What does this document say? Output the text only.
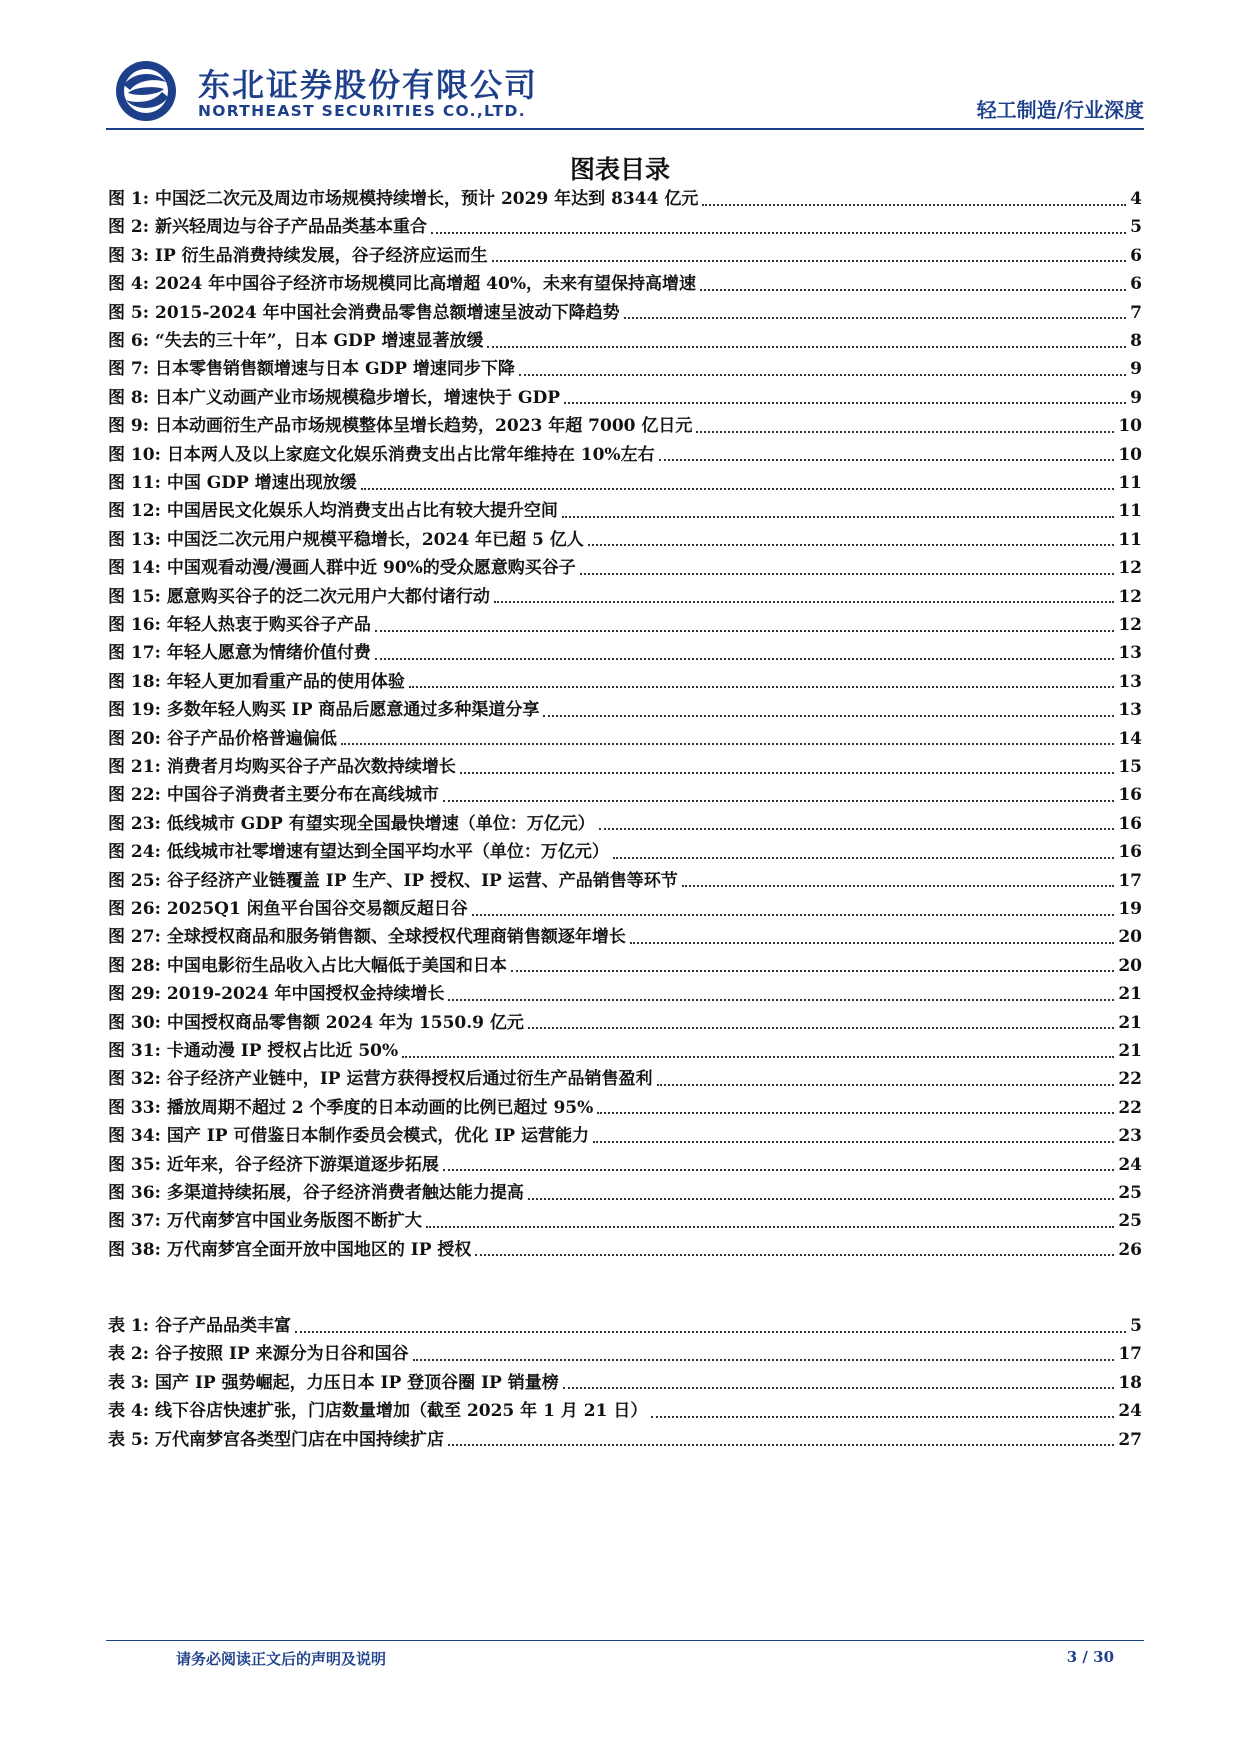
东北证券股份有限公司
NORTHEAST SECURITIES CO.,LTD.	轻工制造/行业深度
图表目录
图 1: 中国泛二次元及周边市场规模持续增长，预计 2029 年达到 8344 亿元	4
图 2: 新兴轻周边与谷子产品品类基本重合	5
图 3: IP 衍生品消费持续发展，谷子经济应运而生	6
图 4: 2024 年中国谷子经济市场规模同比高增超 40%，未来有望保持高增速	6
图 5: 2015-2024 年中国社会消费品零售总额增速呈波动下降趋势	7
图 6: “失去的三十年”，日本 GDP 增速显著放缓	8
图 7: 日本零售销售额增速与日本 GDP 增速同步下降	9
图 8: 日本广义动画产业市场规模稳步增长，增速快于 GDP	9
图 9: 日本动画衍生产品市场规模整体呈增长趋势，2023 年超 7000 亿日元	10
图 10: 日本两人及以上家庭文化娱乐消费支出占比常年维持在 10%左右	10
图 11: 中国 GDP 增速出现放缓	11
图 12: 中国居民文化娱乐人均消费支出占比有较大提升空间	11
图 13: 中国泛二次元用户规模平稳增长，2024 年已超 5 亿人	11
图 14: 中国观看动漫/漫画人群中近 90%的受众愿意购买谷子	12
图 15: 愿意购买谷子的泛二次元用户大都付诸行动	12
图 16: 年轻人热衷于购买谷子产品	12
图 17: 年轻人愿意为情绪价值付费	13
图 18: 年轻人更加看重产品的使用体验	13
图 19: 多数年轻人购买 IP 商品后愿意通过多种渠道分享	13
图 20: 谷子产品价格普遍偏低	14
图 21: 消费者月均购买谷子产品次数持续增长	15
图 22: 中国谷子消费者主要分布在高线城市	16
图 23: 低线城市 GDP 有望实现全国最快增速（单位：万亿元）	16
图 24: 低线城市社零增速有望达到全国平均水平（单位：万亿元）	16
图 25: 谷子经济产业链覆盖 IP 生产、IP 授权、IP 运营、产品销售等环节	17
图 26: 2025Q1 闲鱼平台国谷交易额反超日谷	19
图 27: 全球授权商品和服务销售额、全球授权代理商销售额逐年增长	20
图 28: 中国电影衍生品收入占比大幅低于美国和日本	20
图 29: 2019-2024 年中国授权金持续增长	21
图 30: 中国授权商品零售额 2024 年为 1550.9 亿元	21
图 31: 卡通动漫 IP 授权占比近 50%	21
图 32: 谷子经济产业链中，IP 运营方获得授权后通过衍生产品销售盈利	22
图 33: 播放周期不超过 2 个季度的日本动画的比例已超过 95%	22
图 34: 国产 IP 可借鉴日本制作委员会模式，优化 IP 运营能力	23
图 35: 近年来，谷子经济下游渠道逐步拓展	24
图 36: 多渠道持续拓展，谷子经济消费者触达能力提高	25
图 37: 万代南梦宫中国业务版图不断扩大	25
图 38: 万代南梦宫全面开放中国地区的 IP 授权	26
表 1: 谷子产品品类丰富	5
表 2: 谷子按照 IP 来源分为日谷和国谷	17
表 3: 国产 IP 强势崛起，力压日本 IP 登顶谷圈 IP 销量榜	18
表 4: 线下谷店快速扩张，门店数量增加（截至 2025 年 1 月 21 日）	24
表 5: 万代南梦宫各类型门店在中国持续扩店	27
请务必阅读正文后的声明及说明	3 / 30
